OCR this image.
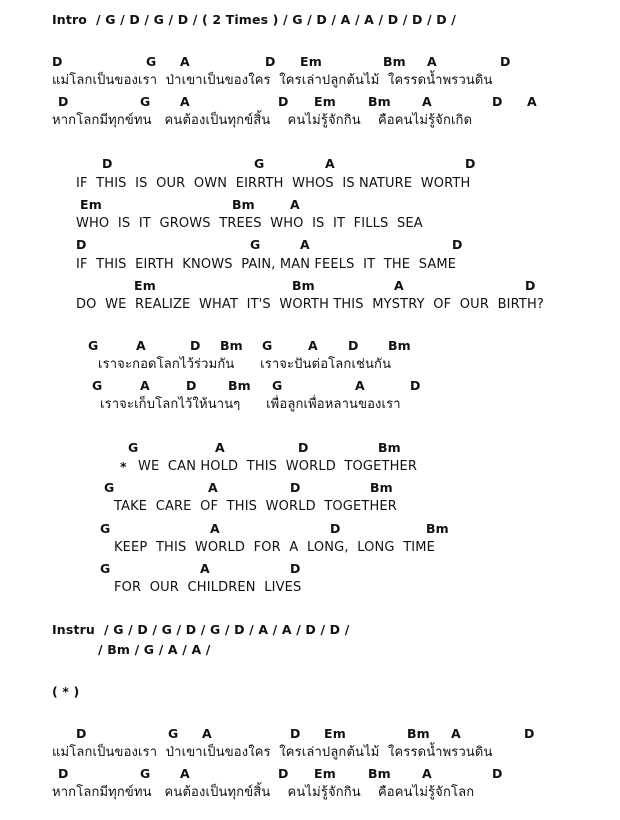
Intro / G / D / G / D / ( 2 Times ) / G / D / A / A / D / D / D /
D	G A	D Em	Bm A	D
แม่โลกเป็นของเรา  ป่าเขาเป็นของใคร  ใครเล่าปลูกต้นไม้  ใครรดน้ำพรวนดิน
D	G A	D Em	Bm A	D A
หากโลกมีทุกข์ทน   คนต้องเป็นทุกข์สิ้น    คนไม่รู้จักกิน    คือคนไม่รู้จักเกิด
D	G	A	D
IF  THIS  IS  OUR  OWN  EIRRTH  WHOS  IS NATURE  WORTH
Em	Bm	A
WHO  IS  IT  GROWS  TREES  WHO  IS  IT  FILLS  SEA
D	G	A	D
IF  THIS  EIRTH  KNOWS  PAIN, MAN FEELS  IT  THE  SAME
Em	Bm	A	D
DO  WE  REALIZE  WHAT  IT'S  WORTH THIS  MYSTRY  OF  OUR  BIRTH?
G	A	D Bm G	A D Bm
เราจะกอดโลกไว้ร่วมกัน      เราจะปันต่อโลกเช่นกัน
G	A	D	Bm G	A	D
เราจะเก็บโลกไว้ให้นานๆ      เพื่อลูกเพื่อหลานของเรา
G	A	D	Bm
* WE  CAN HOLD  THIS  WORLD  TOGETHER
G	A	D	Bm
TAKE  CARE  OF  THIS  WORLD  TOGETHER
G	A	D	Bm
KEEP  THIS  WORLD  FOR  A  LONG,  LONG  TIME
G	A	D
FOR  OUR  CHILDREN  LIVES
Instru / G / D / G / D / G / D / A / A / D / D /
/ Bm / G / A / A /
( * )
D	G A	D Em	Bm A	D
แม่โลกเป็นของเรา  ป่าเขาเป็นของใคร  ใครเล่าปลูกต้นไม้  ใครรดน้ำพรวนดิน
D	G A	D Em	Bm A	D
หากโลกมีทุกข์ทน   คนต้องเป็นทุกข์สิ้น    คนไม่รู้จักกิน    คือคนไม่รู้จักโลก
